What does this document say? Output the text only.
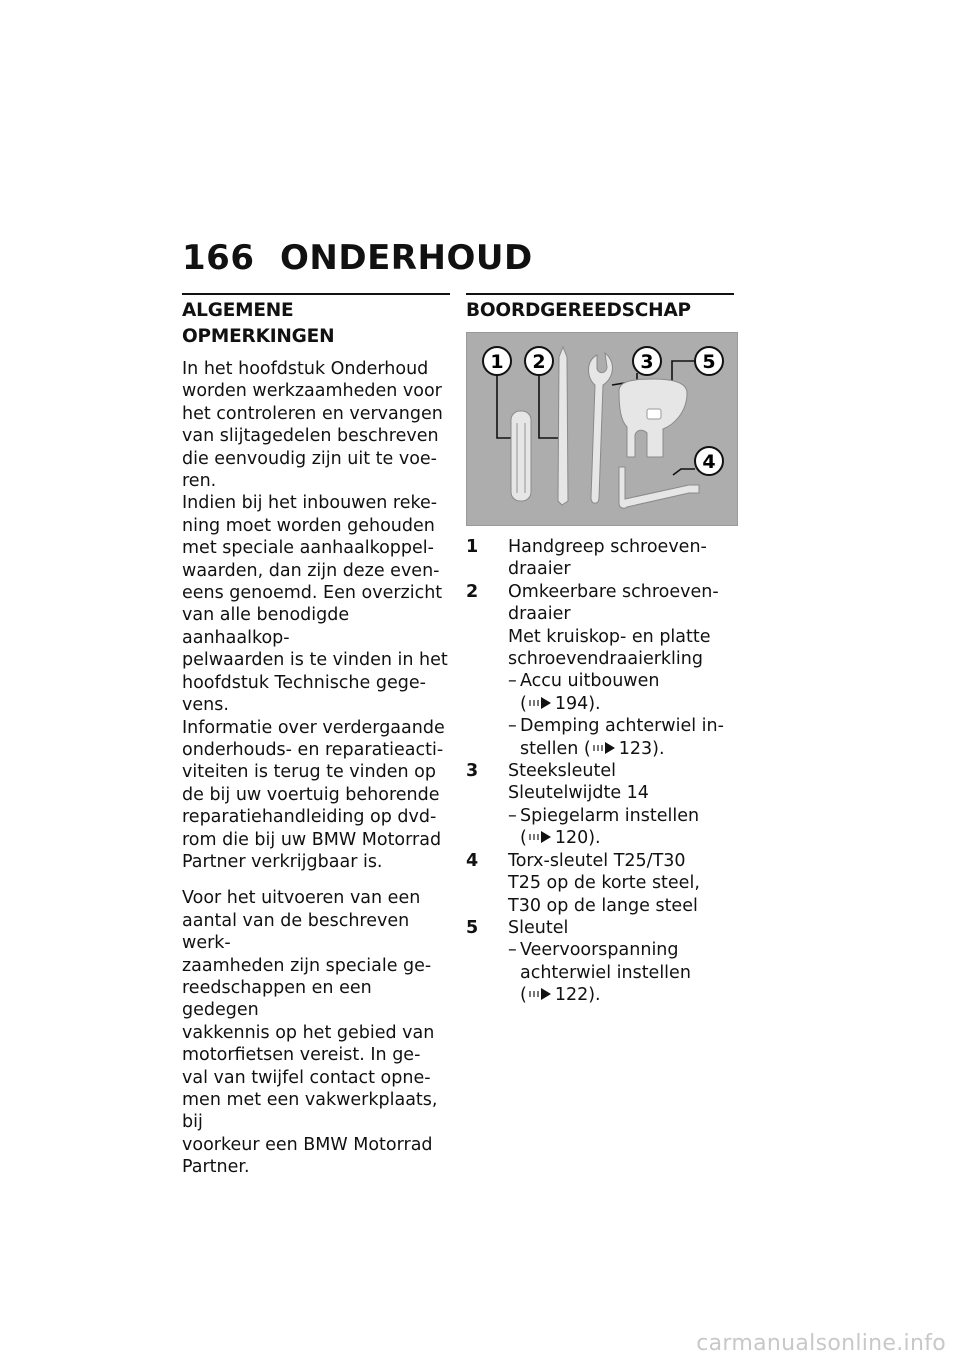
166 ONDERHOUD
ALGEMENE OPMERKINGEN

In het hoofdstuk Onderhoud
worden werkzaamheden voor
het controleren en vervangen
van slijtagedelen beschreven
die eenvoudig zijn uit te voe-
ren.

Indien bij het inbouwen reke-
ning moet worden gehouden
met speciale aanhaalkoppel-
waarden, dan zijn deze even-
eens genoemd. Een overzicht
van alle benodigde aanhaalkop-
pelwaarden is te vinden in het
hoofdstuk Technische gege-
vens.

Informatie over verdergaande
onderhouds- en reparatieacti-
viteiten is terug te vinden op
de bij uw voertuig behorende
reparatiehandleiding op dvd-
rom die bij uw BMW Motorrad
Partner verkrijgbaar is.

Voor het uitvoeren van een
aantal van de beschreven werk-
zaamheden zijn speciale ge-
reedschappen en een gedegen
vakkennis op het gebied van
motorfietsen vereist. In ge-
val van twijfel contact opne-
men met een vakwerkplaats, bij
voorkeur een BMW Motorrad
Partner.

BOORDGEREEDSCHAP
1 2	3	5
4
1 Handgreep schroeven-
draaier
2 Omkeerbare schroeven-
draaier
Met kruiskop- en platte
schroevendraaierkling
– Accu uitbouwen
( 194).
– Demping achterwiel in-
stellen ( 123).
3 Steeksleutel
Sleutelwijdte 14
– Spiegelarm instellen
( 120).
4 Torx-sleutel T25/T30
T25 op de korte steel,
T30 op de lange steel
5 Sleutel
– Veervoorspanning
achterwiel instellen
( 122).
carmanualsonline.info
